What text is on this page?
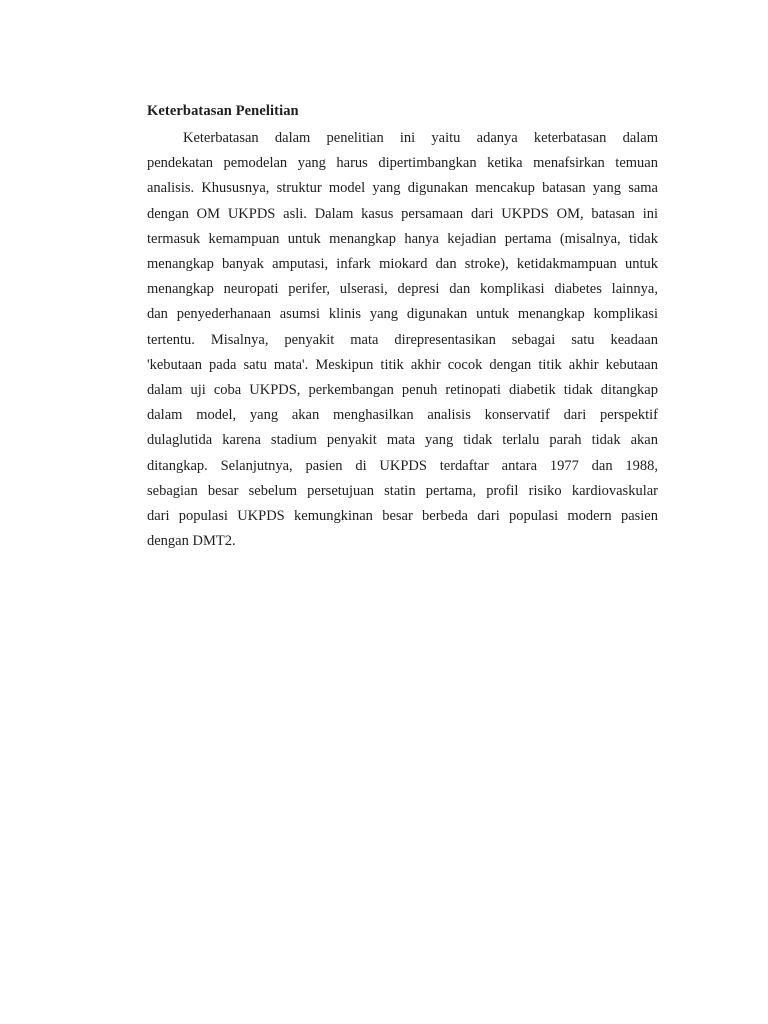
Keterbatasan Penelitian

Keterbatasan dalam penelitian ini yaitu adanya keterbatasan dalam
pendekatan pemodelan yang harus dipertimbangkan ketika menafsirkan temuan
analisis. Khususnya, struktur model yang digunakan mencakup batasan yang sama
dengan OM UKPDS asli. Dalam kasus persamaan dari UKPDS OM, batasan ini
termasuk kemampuan untuk menangkap hanya kejadian pertama (misalnya, tidak
menangkap banyak amputasi, infark miokard dan stroke), ketidakmampuan untuk
menangkap neuropati perifer, ulserasi, depresi dan komplikasi diabetes lainnya,
dan penyederhanaan asumsi klinis yang digunakan untuk menangkap komplikasi
tertentu. Misalnya, penyakit mata direpresentasikan sebagai satu keadaan
'kebutaan pada satu mata'. Meskipun titik akhir cocok dengan titik akhir kebutaan
dalam uji coba UKPDS, perkembangan penuh retinopati diabetik tidak ditangkap
dalam model, yang akan menghasilkan analisis konservatif dari perspektif
dulaglutida karena stadium penyakit mata yang tidak terlalu parah tidak akan
ditangkap. Selanjutnya, pasien di UKPDS terdaftar antara 1977 dan 1988,
sebagian besar sebelum persetujuan statin pertama, profil risiko kardiovaskular
dari populasi UKPDS kemungkinan besar berbeda dari populasi modern pasien
dengan DMT2.
